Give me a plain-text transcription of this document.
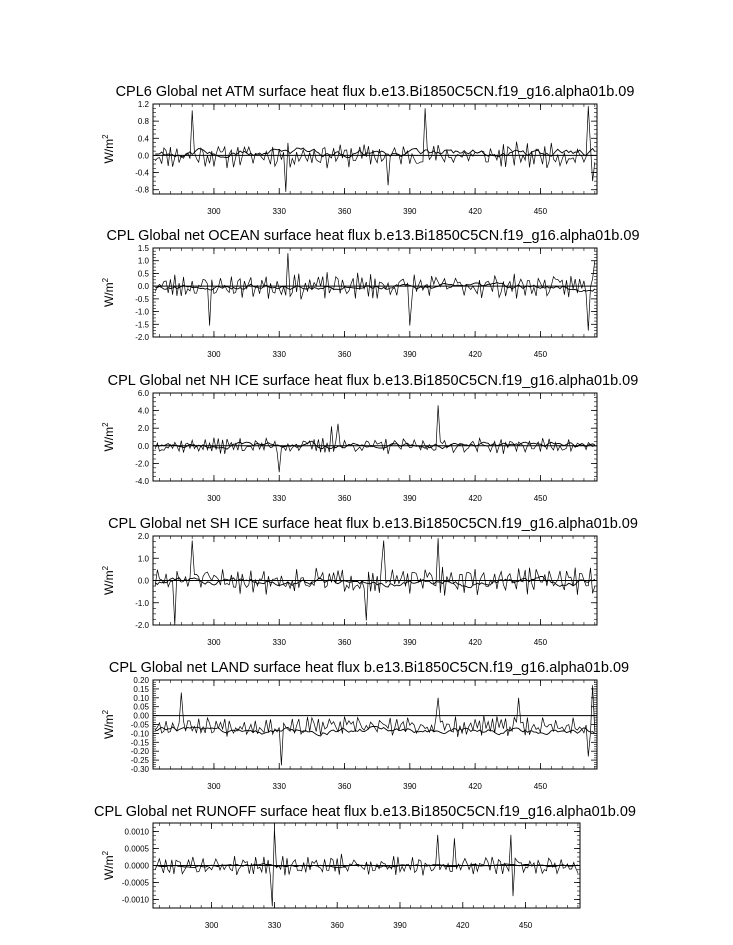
CPL6 Global net ATM surface heat flux b.e13.Bi1850C5CN.f19_g16.alpha01b.09
$W/m^2$
1.2
0.8
0.4
0.0
-0.4
-0.8
300	330	360	390	420	450
CPL Global net OCEAN surface heat flux b.e13.Bi1850C5CN.f19_g16.alpha01b.09
$W/m^2$
1.5
1.0
0.5
0.0
-0.5
-1.0
-1.5
-2.0
300	330	360	390	420	450
CPL Global net NH ICE surface heat flux b.e13.Bi1850C5CN.f19_g16.alpha01b.09
$W/m^2$
6.0
4.0
2.0
0.0
-2.0
-4.0
300	330	360	390	420	450
CPL Global net SH ICE surface heat flux b.e13.Bi1850C5CN.f19_g16.alpha01b.09
$W/m^2$
2.0
1.0
0.0
-1.0
-2.0
300	330	360	390	420	450
CPL Global net LAND surface heat flux b.e13.Bi1850C5CN.f19_g16.alpha01b.09
$W/m^2$
0.20
0.15
0.10
0.05
0.00
-0.05
-0.10
-0.15
-0.20
-0.25
-0.30
300	330	360	390	420	450
CPL Global net RUNOFF surface heat flux b.e13.Bi1850C5CN.f19_g16.alpha01b.09
$W/m^2$
0.0010
0.0005
0.0000
-0.0005
-0.0010
300	330	360	390	420	450
